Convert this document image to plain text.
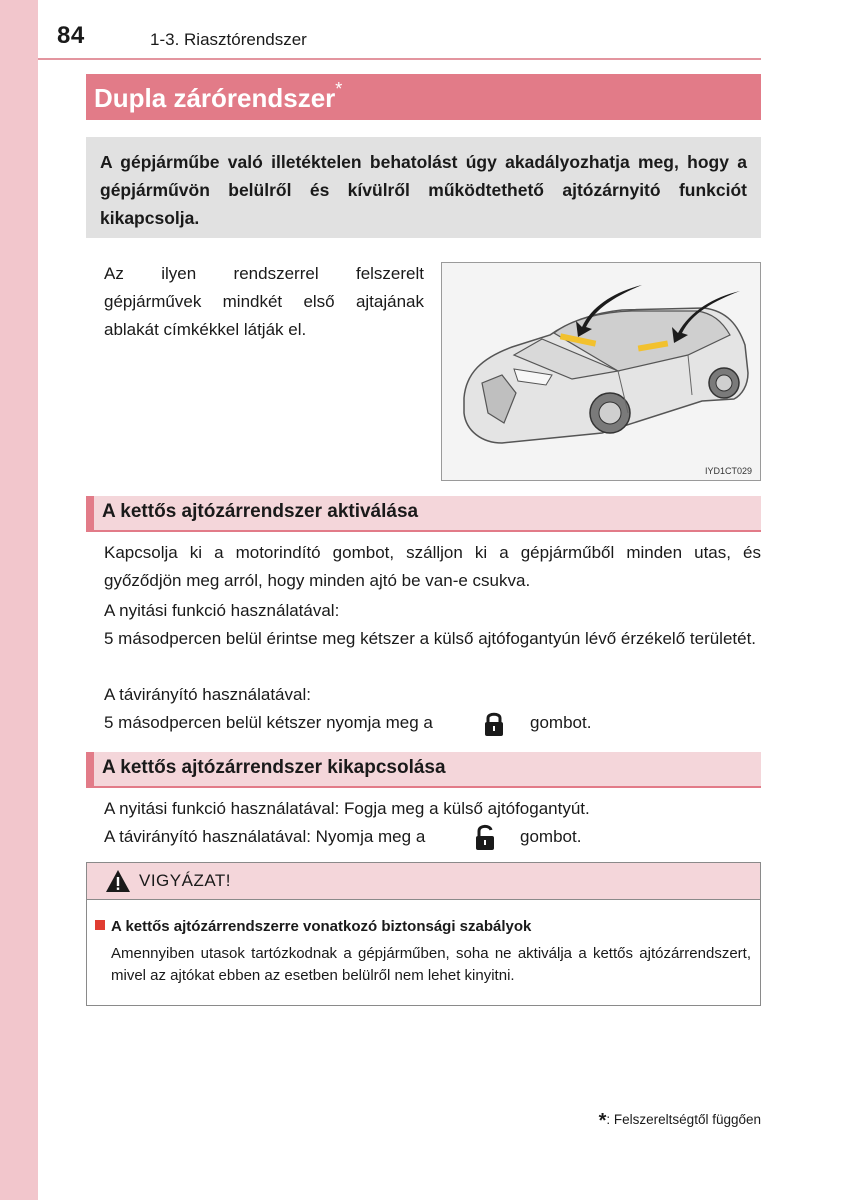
84	1-3. Riasztórendszer
Dupla zárórendszer*
A gépjárműbe való illetéktelen behatolást úgy akadályozhatja meg, hogy a gépjárművön belülről és kívülről működtethető ajtózárnyitó funkciót kikapcsolja.
Az ilyen rendszerrel felszerelt gépjárművek mindkét első ajtajának ablakát címkékkel látják el.
IYD1CT029
A kettős ajtózárrendszer aktiválása
Kapcsolja ki a motorindító gombot, szálljon ki a gépjárműből minden utas, és győződjön meg arról, hogy minden ajtó be van-e csukva.
A nyitási funkció használatával:
5 másodpercen belül érintse meg kétszer a külső ajtófogantyún lévő érzékelő területét.
A távirányító használatával:
5 másodpercen belül kétszer nyomja meg a	gombot.
A kettős ajtózárrendszer kikapcsolása
A nyitási funkció használatával: Fogja meg a külső ajtófogantyút.
A távirányító használatával: Nyomja meg a	gombot.
VIGYÁZAT!
A kettős ajtózárrendszerre vonatkozó biztonsági szabályok
Amennyiben utasok tartózkodnak a gépjárműben, soha ne aktiválja a kettős ajtózárrendszert, mivel az ajtókat ebben az esetben belülről nem lehet kinyitni.
*: Felszereltségtől függően
